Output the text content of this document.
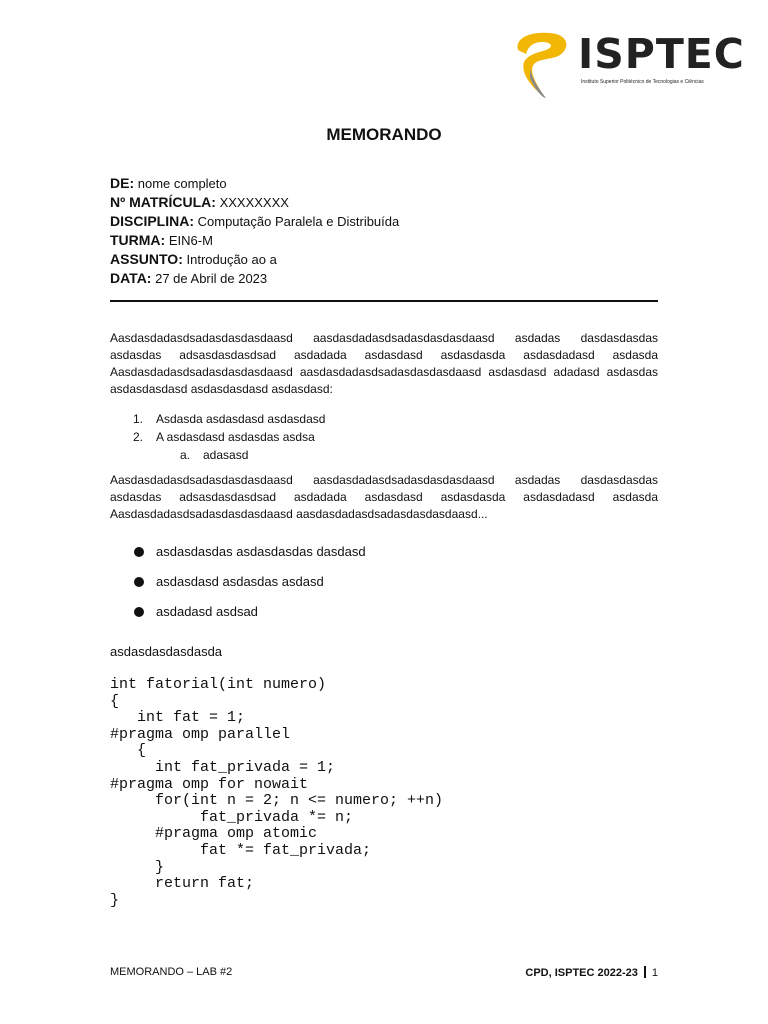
ISPTEC
Instituto Superior Politécnico de Tecnologias e Ciências
MEMORANDO
DE: nome completo
Nº MATRÍCULA: XXXXXXXX
DISCIPLINA: Computação Paralela e Distribuída
TURMA: EIN6-M
ASSUNTO: Introdução ao a
DATA: 27 de Abril de 2023

Aasdasdadasdsadasdasdasdaasd aasdasdadasdsadasdasdasdaasd asdadas dasdasdasdas asdasdas adsasdasdasdsad asdadada asdasdasd asdasdasda asdasdadasd asdasda Aasdasdadasdsadasdasdasdaasd aasdasdadasdsadasdasdasdaasd asdasdasd adadasd asdasdas asdasdasdasd asdasdasdasd asdasdasd:

1. Asdasda asdasdasd asdasdasd
2. A asdasdasd asdasdas asdsa
a. adasasd

Aasdasdadasdsadasdasdasdaasd aasdasdadasdsadasdasdasdaasd asdadas dasdasdasdas asdasdas adsasdasdasdsad asdadada asdasdasd asdasdasda asdasdadasd asdasda Aasdasdadasdsadasdasdasdaasd aasdasdadasdsadasdasdasdaasd...

asdasdasdas asdasdasdas dasdasd
asdasdasd asdasdas asdasd
asdadasd asdsad
asdasdasdasdasda
int fatorial(int numero)
{
int fat = 1;
#pragma omp parallel
{
int fat_privada = 1;
#pragma omp for nowait
for(int n = 2; n <= numero; ++n)
fat_privada *= n;
#pragma omp atomic
fat *= fat_privada;
}
return fat;
}
MEMORANDO – LAB #2	CPD, ISPTEC 2022-23 1
